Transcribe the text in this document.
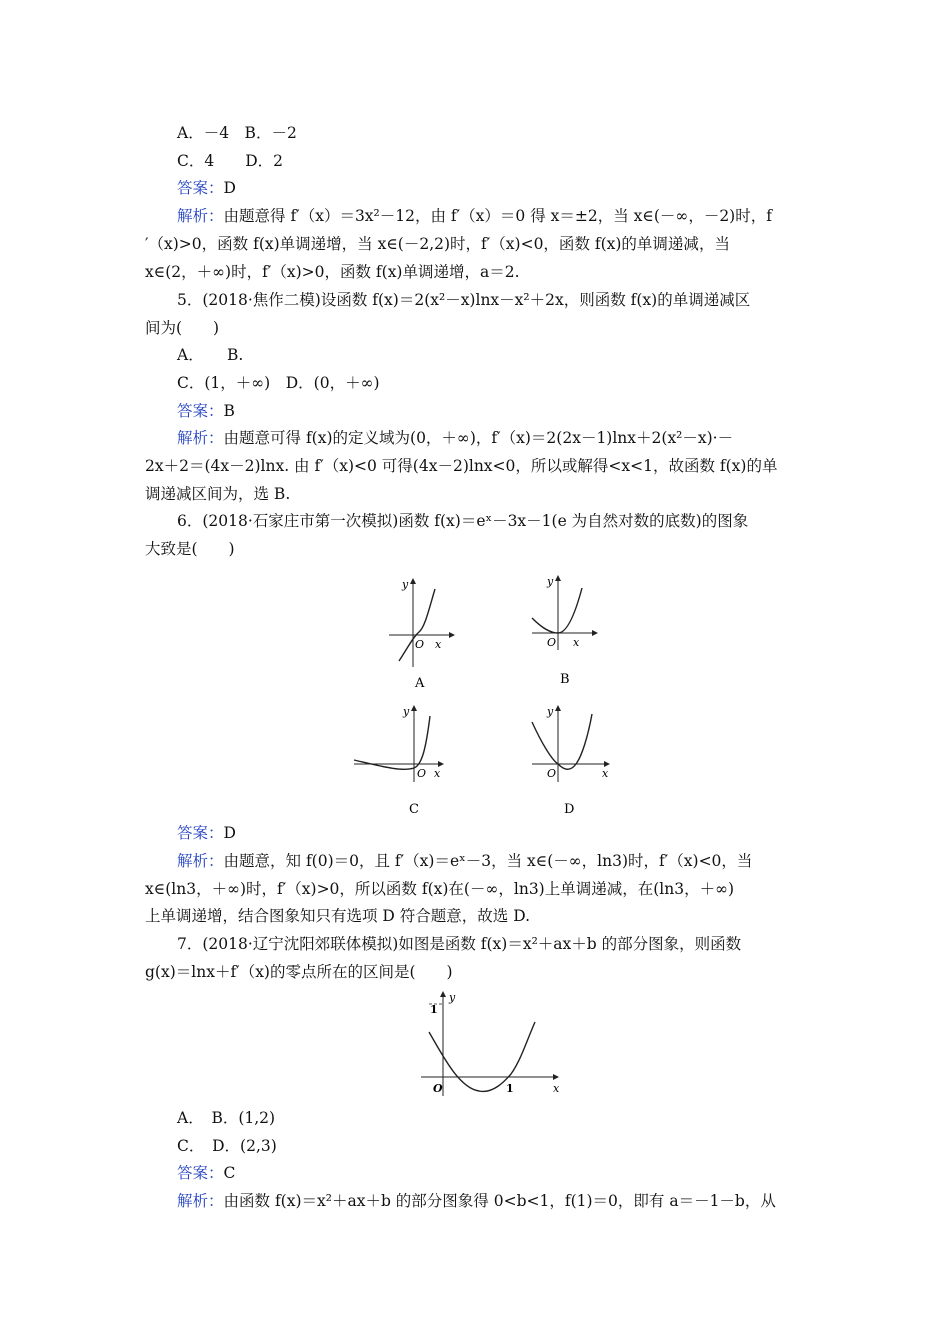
A．－4　B．－2
C．4　　D．2
答案：D
解析：由题意得 f′（x）＝3x²－12，由 f′（x）＝0 得 x＝±2，当 x∈(－∞，－2)时，f
′（x)>0，函数 f(x)单调递增，当 x∈(－2,2)时，f′（x)<0，函数 f(x)的单调递减，当
x∈(2，＋∞)时，f′（x)>0，函数 f(x)单调递增，a＝2.
5．(2018·焦作二模)设函数 f(x)＝2(x²－x)lnx－x²＋2x，则函数 f(x)的单调递减区
间为(　　)
A．　　B.
C．(1，＋∞)　D．(0，＋∞)
答案：B
解析：由题意可得 f(x)的定义域为(0，＋∞)，f′（x)＝2(2x－1)lnx＋2(x²－x)·－
2x＋2＝(4x－2)lnx. 由 f′（x)<0 可得(4x－2)lnx<0，所以或解得<x<1，故函数 f(x)的单
调递减区间为，选 B.
6．(2018·石家庄市第一次模拟)函数 f(x)＝eˣ－3x－1(e 为自然对数的底数)的图象
大致是(　　)
y
O x
A
y
O x
B
y
O x
C
y
O	x
D
答案：D
解析：由题意，知 f(0)＝0，且 f′（x)＝eˣ－3，当 x∈(－∞，ln3)时，f′（x)<0，当
x∈(ln3，＋∞)时，f′（x)>0，所以函数 f(x)在(－∞，ln3)上单调递减，在(ln3，＋∞)
上单调递增，结合图象知只有选项 D 符合题意，故选 D.
7．(2018·辽宁沈阳郊联体模拟)如图是函数 f(x)＝x²＋ax＋b 的部分图象，则函数
g(x)＝lnx＋f′（x)的零点所在的区间是(　　)
y
1
O	1	x
A．　B．(1,2)
C．　D．(2,3)
答案：C
解析：由函数 f(x)＝x²＋ax＋b 的部分图象得 0<b<1，f(1)＝0，即有 a＝－1－b，从
